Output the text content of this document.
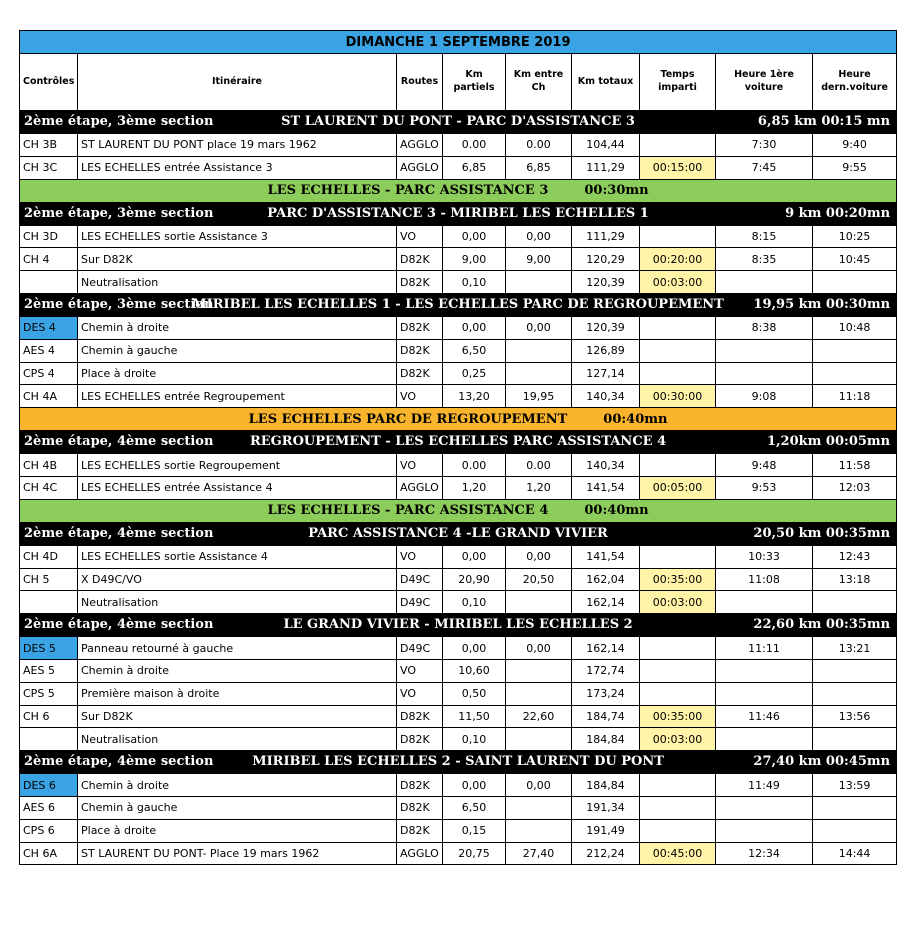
DIMANCHE 1 SEPTEMBRE 2019								
Contrôles	Itinéraire	Routes	Km partiels	Km entre Ch	Km totaux	Temps imparti	Heure 1ère voiture	Heure dern.voiture

2ème étape, 3ème section ST LAURENT DU PONT - PARC D'ASSISTANCE 3 6,85 km 00:15 mn								

CH 3B	ST LAURENT DU PONT place 19 mars 1962	AGGLO	0.00	0.00	104,44		7:30	9:40
CH 3C	LES ECHELLES entrée Assistance 3	AGGLO	6,85	6,85	111,29	00:15:00	7:45	9:55
LES ECHELLES - PARC ASSISTANCE 3 00:30mn								

2ème étape, 3ème section PARC D'ASSISTANCE 3 - MIRIBEL LES ECHELLES 1 9 km 00:20mn								

CH 3D	LES ECHELLES sortie Assistance 3	VO	0,00	0,00	111,29		8:15	10:25
CH 4	Sur D82K	D82K	9,00	9,00	120,29	00:20:00	8:35	10:45
	Neutralisation	D82K	0,10		120,39	00:03:00		

2ème étape, 3ème section
MIRIBEL LES ECHELLES 1 - LES ECHELLES PARC DE REGROUPEMENT 19,95 km 00:30mn								

DES 4	Chemin à droite	D82K	0,00	0,00	120,39		8:38	10:48
AES 4	Chemin à gauche	D82K	6,50		126,89			
CPS 4	Place à droite	D82K	0,25		127,14			
CH 4A	LES ECHELLES entrée Regroupement	VO	13,20	19,95	140,34	00:30:00	9:08	11:18
LES ECHELLES PARC DE REGROUPEMENT 00:40mn								

2ème étape, 4ème section REGROUPEMENT - LES ECHELLES PARC ASSISTANCE 4 1,20km 00:05mn								

CH 4B	LES ECHELLES sortie Regroupement	VO	0.00	0.00	140,34		9:48	11:58
CH 4C	LES ECHELLES entrée Assistance 4	AGGLO	1,20	1,20	141,54	00:05:00	9:53	12:03
LES ECHELLES - PARC ASSISTANCE 4 00:40mn								

2ème étape, 4ème section PARC ASSISTANCE 4 -LE GRAND VIVIER 20,50 km 00:35mn								

CH 4D	LES ECHELLES sortie Assistance 4	VO	0,00	0,00	141,54		10:33	12:43
CH 5	X D49C/VO	D49C	20,90	20,50	162,04	00:35:00	11:08	13:18
	Neutralisation	D49C	0,10		162,14	00:03:00		

2ème étape, 4ème section LE GRAND VIVIER - MIRIBEL LES ECHELLES 2 22,60 km 00:35mn								

DES 5	Panneau retourné à gauche	D49C	0,00	0,00	162,14		11:11	13:21
AES 5	Chemin à droite	VO	10,60		172,74			
CPS 5	Première maison à droite	VO	0,50		173,24			
CH 6	Sur D82K	D82K	11,50	22,60	184,74	00:35:00	11:46	13:56
	Neutralisation	D82K	0,10		184,84	00:03:00		

2ème étape, 4ème section MIRIBEL LES ECHELLES 2 - SAINT LAURENT DU PONT 27,40 km 00:45mn								

DES 6	Chemin à droite	D82K	0,00	0,00	184,84		11:49	13:59
AES 6	Chemin à gauche	D82K	6,50		191,34			
CPS 6	Place à droite	D82K	0,15		191,49			
CH 6A	ST LAURENT DU PONT- Place 19 mars 1962	AGGLO	20,75	27,40	212,24	00:45:00	12:34	14:44
